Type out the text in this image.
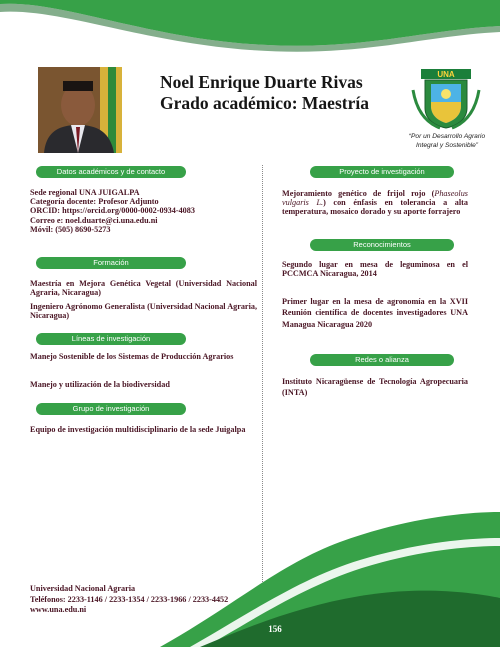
Noel Enrique Duarte Rivas
Grado académico: Maestría
UNA
“Por un Desarrollo Agrario
Integral y Sostenible”
Datos académicos y de contacto
Sede regional UNA JUIGALPA
Categoría docente: Profesor Adjunto
ORCID: https://orcid.org/0000-0002-0934-4083
Correo e: noel.duarte@ci.una.edu.ni
Móvil: (505) 8690-5273
Formación
Maestría en Mejora Genética Vegetal (Universidad Nacional Agraria, Nicaragua)
Ingeniero Agrónomo Generalista (Universidad Nacional Agraria, Nicaragua)
Líneas de investigación
Manejo Sostenible de los Sistemas de Producción Agrarios
Manejo y utilización de la biodiversidad
Grupo de investigación
Equipo de investigación multidisciplinario de la sede Juigalpa
Proyecto de investigación
Mejoramiento genético de frijol rojo (Phaseolus vulgaris L.) con énfasis en tolerancia a alta temperatura, mosaico dorado y su aporte forrajero
Reconocimientos
Segundo lugar en mesa de leguminosa en el PCCMCA Nicaragua, 2014
Primer lugar en la mesa de agronomía en la XVII Reunión científica de docentes investigadores UNA Managua Nicaragua 2020
Redes o alianza
Instituto Nicaragüense de Tecnología Agropecuaria (INTA)
Universidad Nacional Agraria
Teléfonos: 2233-1146 / 2233-1354 / 2233-1966 / 2233-4452
www.una.edu.ni
156
